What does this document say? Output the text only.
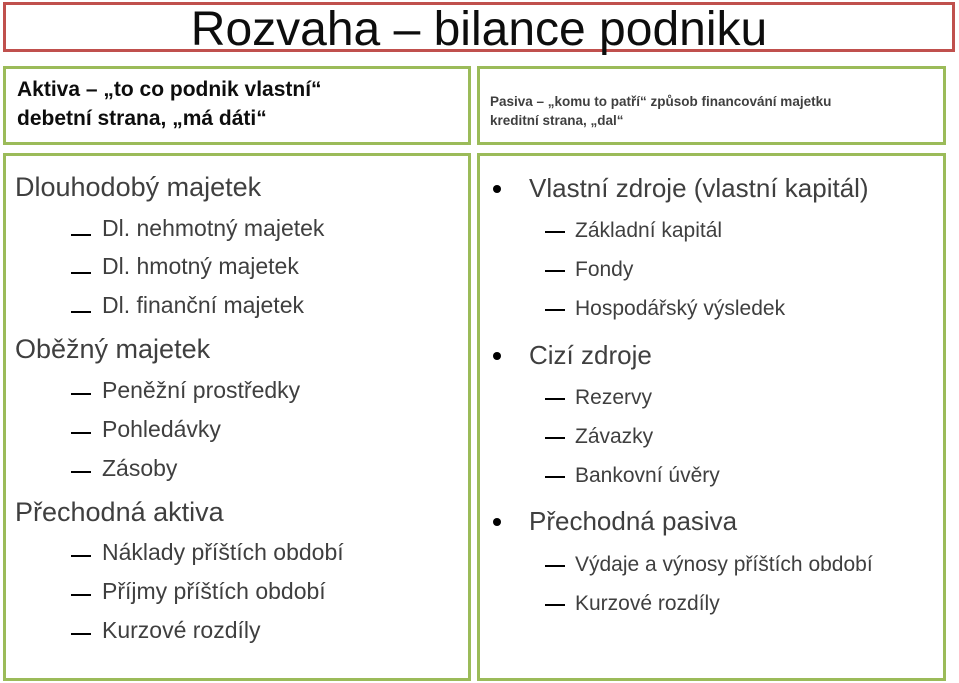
Rozvaha – bilance podniku
Aktiva – „to co podnik vlastní“
debetní strana, „má dáti“
Pasiva – „komu to patří“ způsob financování majetku
kreditní strana, „dal“
Dlouhodobý majetek
Dl. nehmotný majetek
Dl. hmotný majetek
Dl. finanční majetek
Oběžný majetek
Peněžní prostředky
Pohledávky
Zásoby
Přechodná aktiva
Náklady příštích období
Příjmy příštích období
Kurzové rozdíly
Vlastní zdroje (vlastní kapitál)
Základní kapitál
Fondy
Hospodářský výsledek
Cizí zdroje
Rezervy
Závazky
Bankovní úvěry
Přechodná pasiva
Výdaje a výnosy příštích období
Kurzové rozdíly
